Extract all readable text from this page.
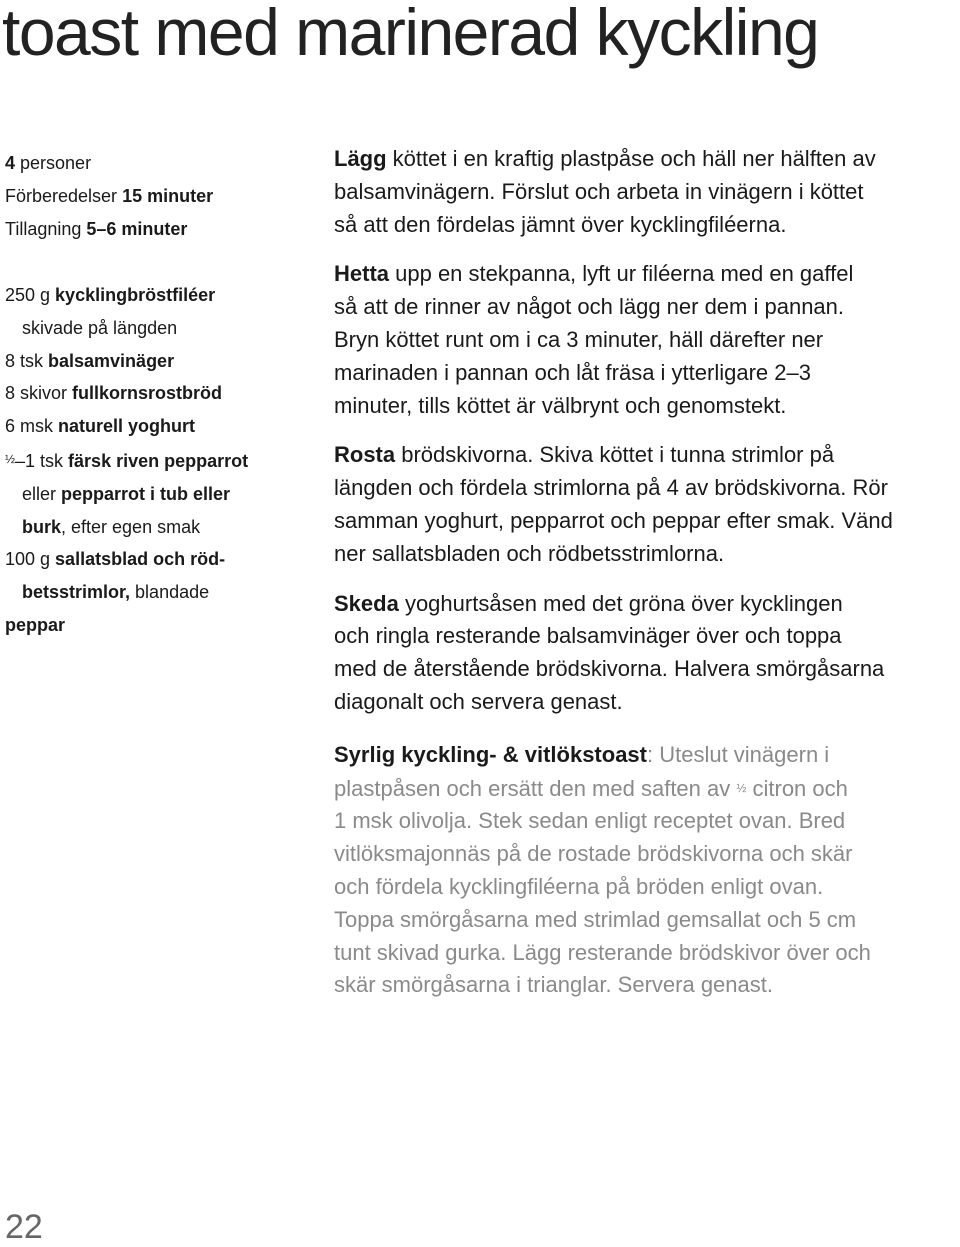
toast med marinerad kyckling
4 personer
Förberedelser 15 minuter
Tillagning 5–6 minuter
250 g kycklingbröstfiléer
skivade på längden
8 tsk balsamvinäger
8 skivor fullkornsrostbröd
6 msk naturell yoghurt
$^{\frac{1}{2}}$–1 tsk färsk riven pepparrot
eller pepparrot i tub eller
burk, efter egen smak
100 g sallatsblad och röd-
betsstrimlor, blandade
peppar
Lägg köttet i en kraftig plastpåse och häll ner hälften av
balsamvinägern. Förslut och arbeta in vinägern i köttet
så att den fördelas jämnt över kycklingfiléerna.
Hetta upp en stekpanna, lyft ur filéerna med en gaffel
så att de rinner av något och lägg ner dem i pannan.
Bryn köttet runt om i ca 3 minuter, häll därefter ner
marinaden i pannan och låt fräsa i ytterligare 2–3
minuter, tills köttet är välbrynt och genomstekt.
Rosta brödskivorna. Skiva köttet i tunna strimlor på
längden och fördela strimlorna på 4 av brödskivorna. Rör
samman yoghurt, pepparrot och peppar efter smak. Vänd
ner sallatsbladen och rödbetsstrimlorna.
Skeda yoghurtsåsen med det gröna över kycklingen
och ringla resterande balsamvinäger över och toppa
med de återstående brödskivorna. Halvera smörgåsarna
diagonalt och servera genast.
Syrlig kyckling- & vitlökstoast: Uteslut vinägern i
plastpåsen och ersätt den med saften av ½ citron och
1 msk olivolja. Stek sedan enligt receptet ovan. Bred
vitlöksmajonnäs på de rostade brödskivorna och skär
och fördela kycklingfiléerna på bröden enligt ovan.
Toppa smörgåsarna med strimlad gemsallat och 5 cm
tunt skivad gurka. Lägg resterande brödskivor över och
skär smörgåsarna i trianglar. Servera genast.
22
